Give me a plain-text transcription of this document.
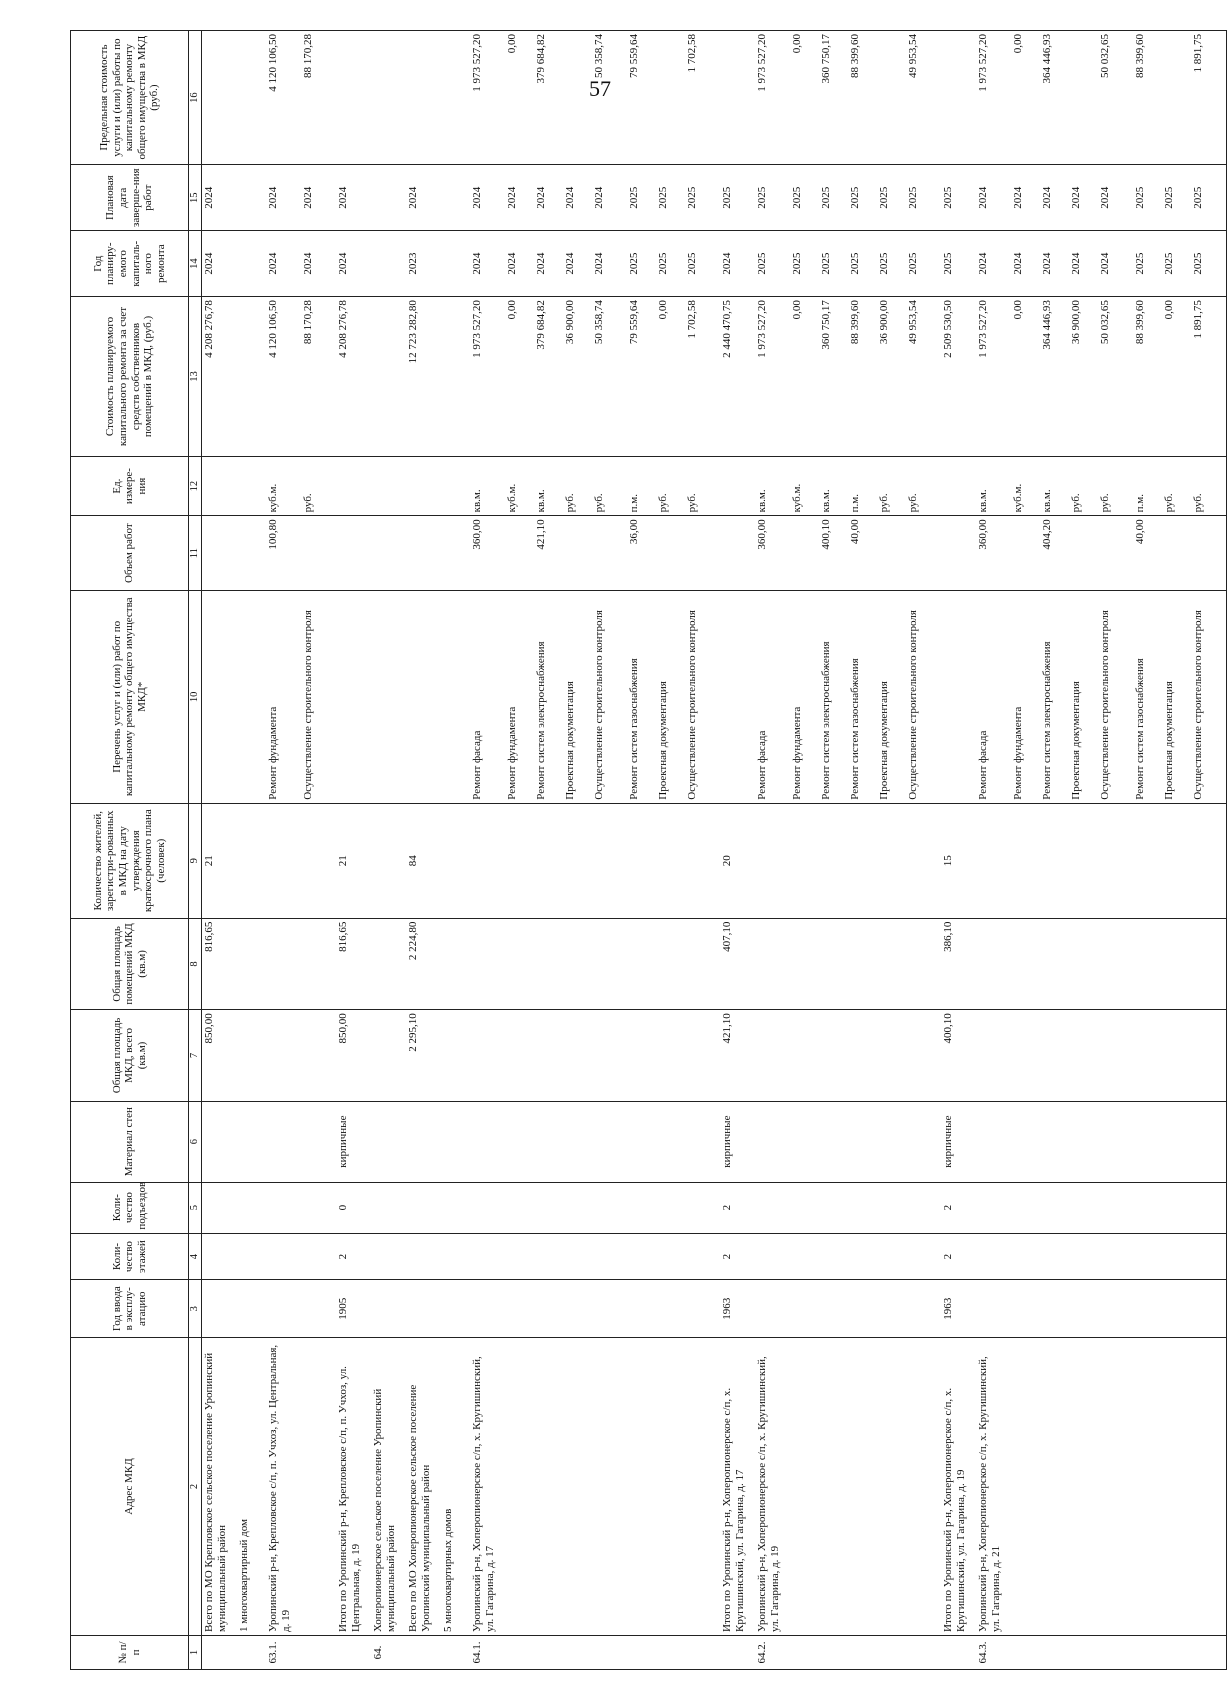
57
№ п/п	Адрес МКД	Год ввода в эксплу-атацию	Коли-чество этажей	Коли-чество подъездов	Материал стен	Общая площадь МКД, всего (кв.м)	Общая площадь помещений МКД (кв.м)	Количество жителей, зарегистри-рованных в МКД на дату утверждения краткосрочного плана (человек)	Перечень услуг и (или) работ по капитальному ремонту общего имущества МКД*	Объем работ	Ед. измере-ния	Стоимость планируемого капитального ремонта за счет средств собственников помещений в МКД, (руб.)	Год планиру-емого капиталь-ного ремонта	Плановая дата заверше-ния работ	Предельная стоимость услуги и (или) работы по капитальному ремонту общего имущества в МКД (руб.)
1	2	3	4	5	6	7	8	9	10	11	12	13	14	15	16
	Всего по МО Крепловское сельское поселение Уропинский муниципальный район					850,00	816,65	21				4 208 276,78	2024	2024	
	1 многоквартирный дом														
63.1.	Уропинский р-н, Крепловское с/п, п. Учхоз, ул. Центральная, д. 19								Ремонт фундамента	100,80	куб.м.	4 120 106,50	2024	2024	4 120 106,50
									Осуществление строительного контроля		руб.	88 170,28	2024	2024	88 170,28
	Итого по Уропинский р-н, Крепловское с/п, п. Учхоз, ул. Центральная, д. 19	1905	2	0	кирпичные	850,00	816,65	21				4 208 276,78	2024	2024	
64.	Хоперопионерское сельское поселение Уропинский муниципальный район														
	Всего по МО Хоперопионерское сельское поселение Уропинский муниципальный район					2 295,10	2 224,80	84				12 723 282,80	2023	2024	
	5 многоквартирных домов														
64.1.	Уропинский р-н, Хоперопионерское с/п, х. Кругишинский, ул. Гагарина, д. 17								Ремонт фасада	360,00	кв.м.	1 973 527,20	2024	2024	1 973 527,20
									Ремонт фундамента		куб.м.	0,00	2024	2024	0,00
									Ремонт систем электроснабжения	421,10	кв.м.	379 684,82	2024	2024	379 684,82
									Проектная документация		руб.	36 900,00	2024	2024	
									Осуществление строительного контроля		руб.	50 358,74	2024	2024	50 358,74
									Ремонт систем газоснабжения	36,00	п.м.	79 559,64	2025	2025	79 559,64
									Проектная документация		руб.	0,00	2025	2025	
									Осуществление строительного контроля		руб.	1 702,58	2025	2025	1 702,58
	Итого по Уропинский р-н, Хоперопионерское с/п, х. Кругишинский, ул. Гагарина, д. 17	1963	2	2	кирпичные	421,10	407,10	20				2 440 470,75	2024	2025	
64.2.	Уропинский р-н, Хоперопионерское с/п, х. Кругишинский, ул. Гагарина, д. 19								Ремонт фасада	360,00	кв.м.	1 973 527,20	2025	2025	1 973 527,20
									Ремонт фундамента		куб.м.	0,00	2025	2025	0,00
									Ремонт систем электроснабжения	400,10	кв.м.	360 750,17	2025	2025	360 750,17
									Ремонт систем газоснабжения	40,00	п.м.	88 399,60	2025	2025	88 399,60
									Проектная документация		руб.	36 900,00	2025	2025	
									Осуществление строительного контроля		руб.	49 953,54	2025	2025	49 953,54
	Итого по Уропинский р-н, Хоперопионерское с/п, х. Кругишинский, ул. Гагарина, д. 19	1963	2	2	кирпичные	400,10	386,10	15				2 509 530,50	2025	2025	
64.3.	Уропинский р-н, Хоперопионерское с/п, х. Кругишинский, ул. Гагарина, д. 21								Ремонт фасада	360,00	кв.м.	1 973 527,20	2024	2024	1 973 527,20
									Ремонт фундамента		куб.м.	0,00	2024	2024	0,00
									Ремонт систем электроснабжения	404,20	кв.м.	364 446,93	2024	2024	364 446,93
									Проектная документация		руб.	36 900,00	2024	2024	
									Осуществление строительного контроля		руб.	50 032,65	2024	2024	50 032,65
									Ремонт систем газоснабжения	40,00	п.м.	88 399,60	2025	2025	88 399,60
									Проектная документация		руб.	0,00	2025	2025	
									Осуществление строительного контроля		руб.	1 891,75	2025	2025	1 891,75
